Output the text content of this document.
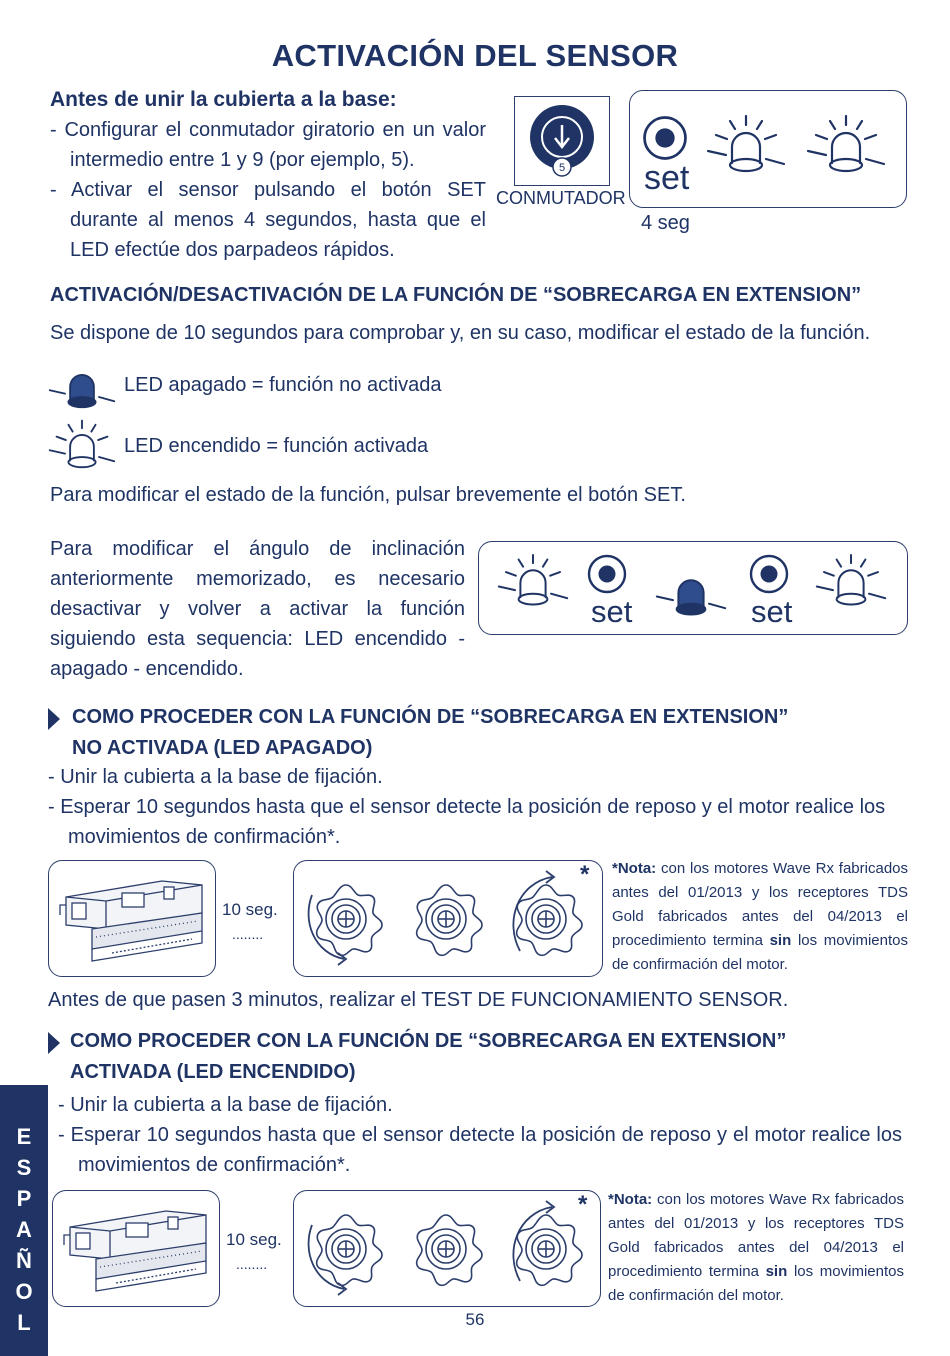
ACTIVACIÓN DEL SENSOR
Antes de unir la cubierta a la base:

- Configurar el conmutador giratorio en un valor intermedio entre 1 y 9 (por ejemplo, 5).

- Activar el sensor pulsando el botón SET durante al menos 4 segundos, hasta que el LED efectúe dos parpadeos rápidos.

5
CONMUTADOR
set
4 seg
ACTIVACIÓN/DESACTIVACIÓN DE LA FUNCIÓN DE “SOBRECARGA EN EXTENSION”
Se dispone de 10 segundos para comprobar y, en su caso, modificar el estado de la función.
LED apagado = función no activada
LED encendido = función activada
Para modificar el estado de la función, pulsar brevemente el botón SET.
Para modificar el ángulo de inclinación anteriormente memorizado, es necesario desactivar y volver a activar la función siguiendo esta sequencia: LED encendido - apagado - encendido.
set	set
COMO PROCEDER CON LA FUNCIÓN DE “SOBRECARGA EN EXTENSION”
NO ACTIVADA (LED APAGADO)

- Unir la cubierta a la base de fijación.

- Esperar 10 segundos hasta que el sensor detecte la posición de reposo y el motor realice los movimientos de confirmación*.

10 seg.
........
* *Nota: con los motores Wave Rx fabricados antes del 01/2013 y los receptores TDS Gold fabricados antes del 04/2013 el procedimiento termina sin los movimientos de confirmación del motor.
Antes de que pasen 3 minutos, realizar el TEST DE FUNCIONAMIENTO SENSOR.
COMO PROCEDER CON LA FUNCIÓN DE “SOBRECARGA EN EXTENSION”
ACTIVADA (LED ENCENDIDO)

- Unir la cubierta a la base de fijación.

- Esperar 10 segundos hasta que el sensor detecte la posición de reposo y el motor realice los movimientos de confirmación*.

10 seg.
........
* *Nota: con los motores Wave Rx fabricados antes del 01/2013 y los receptores TDS Gold fabricados antes del 04/2013 el procedimiento termina sin los movimientos de confirmación del motor.
56
E
S
P
A
Ñ
O
L
